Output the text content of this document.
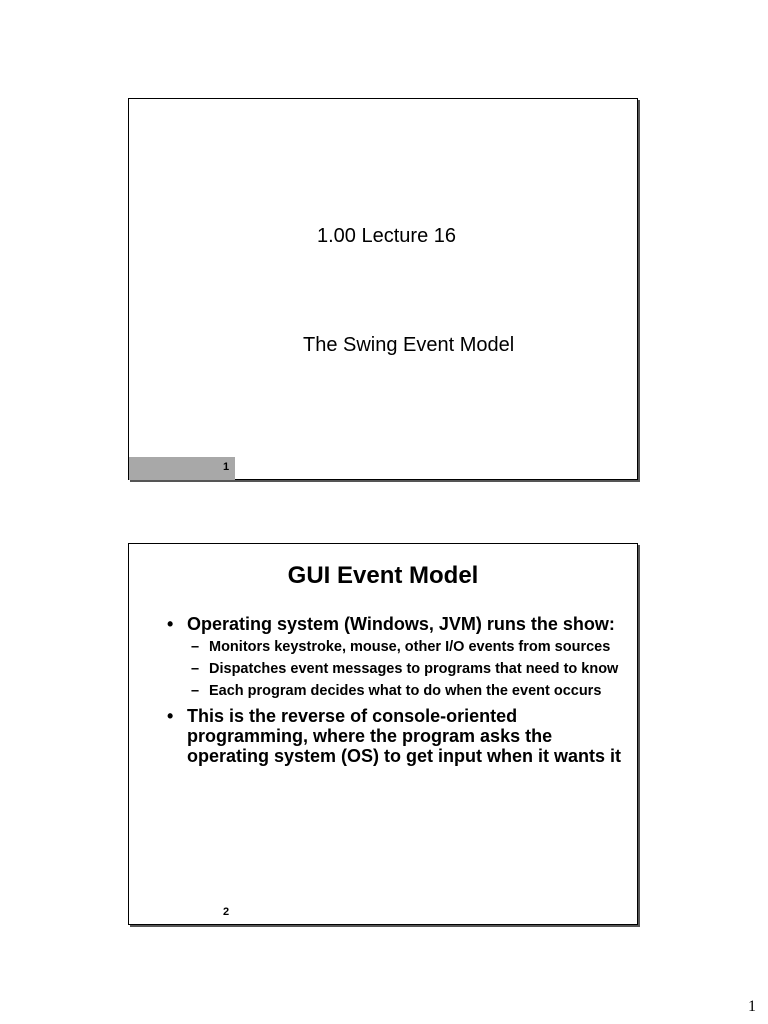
1.00 Lecture 16
The Swing Event Model
1
GUI Event Model
• Operating system (Windows, JVM) runs the show:
– Monitors keystroke, mouse, other I/O events from sources
– Dispatches event messages to programs that need to know
– Each program decides what to do when the event occurs
• This is the reverse of console-oriented programming, where the program asks the operating system (OS) to get input when it wants it
2
1
